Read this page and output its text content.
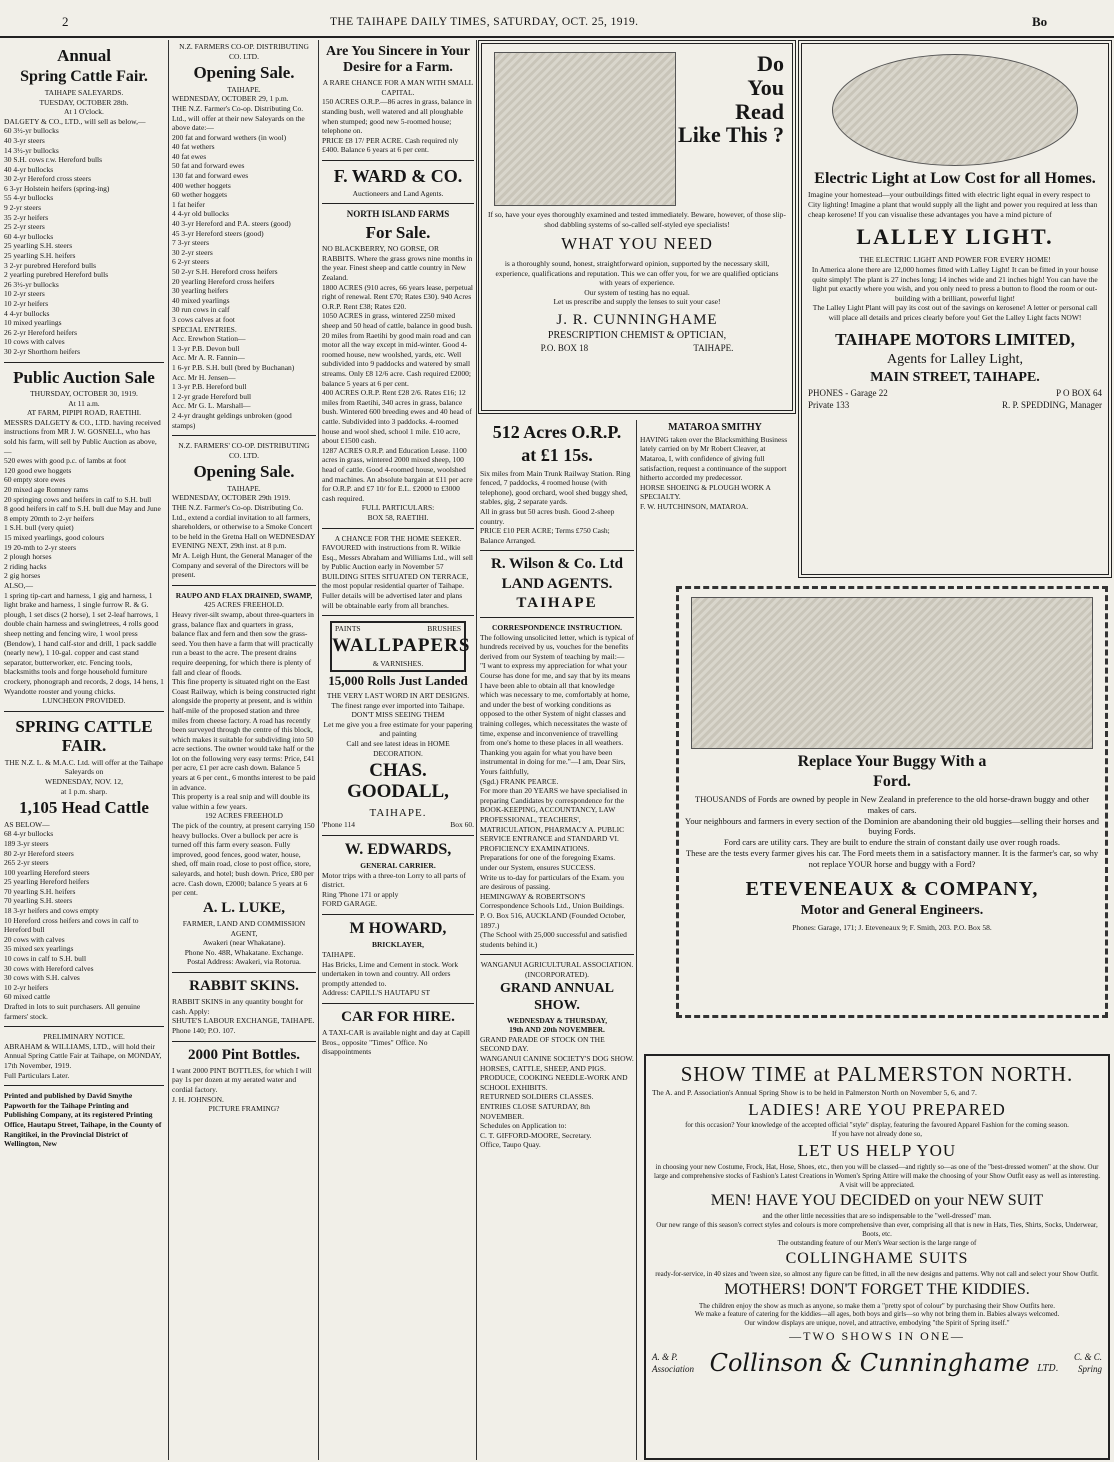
2	THE TAIHAPE DAILY TIMES, SATURDAY, OCT. 25, 1919.	Bo
Annual
Spring Cattle Fair.

TAIHAPE SALEYARDS.
TUESDAY, OCTOBER 28th.
At 1 O'clock.

DALGETY & CO., LTD., will sell as below,—
60 3½-yr bullocks
40 3-yr steers
14 3½-yr bullocks
30 S.H. cows r.w. Hereford bulls
40 4-yr bullocks
30 2-yr Hereford cross steers
6 3-yr Holstein heifers (spring-ing)
55 4-yr bullocks
9 2-yr steers
35 2-yr heifers
25 2-yr steers
60 4-yr bullocks
25 yearling S.H. steers
25 yearling S.H. heifers
3 2-yr purebred Hereford bulls
2 yearling purebred Hereford bulls
26 3½-yr bullocks
10 2-yr steers
10 2-yr heifers
4 4-yr bullocks
10 mixed yearlings
26 2-yr Hereford heifers
10 cows with calves
30 2-yr Shorthorn heifers

Public Auction Sale

THURSDAY, OCTOBER 30, 1919.
At 11 a.m.
AT FARM, PIPIPI ROAD, RAETIHI.

MESSRS DALGETY & CO., LTD. having received instructions from MR J. W. GOSNELL, who has sold his farm, will sell by Public Auction as above,—
520 ewes with good p.c. of lambs at foot
120 good ewe hoggets
60 empty store ewes
20 mixed age Romney rams
20 springing cows and heifers in calf to S.H. bull
8 good heifers in calf to S.H. bull due May and June
8 empty 20mth to 2-yr heifers
1 S.H. bull (very quiet)
15 mixed yearlings, good colours
19 20-mth to 2-yr steers
2 plough horses
2 riding hacks
2 gig horses
ALSO,—
1 spring tip-cart and harness, 1 gig and harness, 1 light brake and harness, 1 single furrow R. & G. plough, 1 set discs (2 horse), 1 set 2-leaf harrows, 1 double chain harness and swingletrees, 4 rolls good sheep netting and fencing wire, 1 wool press (Bendow), 1 hand calf-stor and drill, 1 pack saddle (nearly new), 1 10-gal. copper and cast stand separator, butterworker, etc. Fencing tools, blacksmiths tools and forge household furniture crockery, phonograph and records, 2 dogs, 14 hens, 1 Wyandotte rooster and young chicks.

LUNCHEON PROVIDED.

SPRING CATTLE FAIR.

THE N.Z. L. & M.A.C. Ltd. will offer at the Taihape Saleyards on
WEDNESDAY, NOV. 12,
at 1 p.m. sharp.

1,105 Head Cattle

AS BELOW—
68 4-yr bullocks
189 3-yr steers
80 2-yr Hereford steers
265 2-yr steers
100 yearling Hereford steers
25 yearling Hereford heifers
70 yearling S.H. heifers
70 yearling S.H. steers
18 3-yr heifers and cows empty
10 Hereford cross heifers and cows in calf to Hereford bull
20 cows with calves
35 mixed sex yearlings
10 cows in calf to S.H. bull
30 cows with Hereford calves
30 cows with S.H. calves
10 2-yr heifers
60 mixed cattle

Drafted in lots to suit purchasers. All genuine farmers' stock.

PRELIMINARY NOTICE.

ABRAHAM & WILLIAMS, LTD., will hold their Annual Spring Cattle Fair at Taihape, on MONDAY, 17th November, 1919.
Full Particulars Later.

Printed and published by David Smythe Papworth for the Taihape Printing and Publishing Company, at its registered Printing Office, Hautapu Street, Taihape, in the County of Rangitikei, in the Provincial District of Wellington, New

N.Z. FARMERS CO-OP. DISTRIBUTING CO. LTD.

Opening Sale.

TAIHAPE.

WEDNESDAY, OCTOBER 29, 1 p.m.
THE N.Z. Farmer's Co-op. Distributing Co. Ltd., will offer at their new Saleyards on the above date:—
200 fat and forward wethers (in wool)
40 fat wethers
40 fat ewes
50 fat and forward ewes
130 fat and forward ewes
400 wether hoggets
60 wether hoggets
1 fat heifer
4 4-yr old bullocks
40 3-yr Hereford and P.A. steers (good)
45 3-yr Hereford steers (good)
7 3-yr steers
30 2-yr steers
6 2-yr steers
50 2-yr S.H. Hereford cross heifers
20 yearling Hereford cross heifers
30 yearling heifers
40 mixed yearlings
30 run cows in calf
3 cows calves at foot
SPECIAL ENTRIES.
Acc. Erewhon Station—
1 3-yr P.B. Devon bull
Acc. Mr A. R. Fannin—
1 6-yr P.B. S.H. bull (bred by Buchanan)
Acc. Mr H. Jensen—
1 3-yr P.B. Hereford bull
1 2-yr grade Hereford bull
Acc. Mr G. L. Marshall—
2 4-yr draught geldings unbroken (good stamps)

N.Z. FARMERS' CO-OP. DISTRIBUTING CO. LTD.

Opening Sale.

TAIHAPE.

WEDNESDAY, OCTOBER 29th 1919.
THE N.Z. Farmer's Co-op. Distributing Co. Ltd., extend a cordial invitation to all farmers, shareholders, or otherwise to a Smoke Concert to be held in the Gretna Hall on WEDNESDAY EVENING NEXT, 29th inst. at 8 p.m.
Mr A. Leigh Hunt, the General Manager of the Company and several of the Directors will be present.

RAUPO AND FLAX DRAINED, SWAMP,

425 ACRES FREEHOLD.

Heavy river-silt swamp, about three-quarters in grass, balance flax and quarters in grass, balance flax and fern and then sow the grass-seed. You then have a farm that will practically run a beast to the acre. The present drains require deepening, for which there is plenty of fall and clear of floods.
This fine property is situated right on the East Coast Railway, which is being constructed right alongside the property at present, and is within half-mile of the proposed station and three miles from cheese factory. A road has recently been surveyed through the centre of this block, which makes it suitable for subdividing into 50 acre sections. The owner would take half or the lot on the following very easy terms: Price, £41 per acre, £1 per acre cash down. Balance 5 years at 6 per cent., 6 months interest to be paid in advance.
This property is a real snip and will double its value within a few years.

192 ACRES FREEHOLD

The pick of the country, at present carrying 150 heavy bullocks. Over a bullock per acre is turned off this farm every season. Fully improved, good fences, good water, house, shed, off main road, close to post office, store, saleyards, and hotel; bush down. Price, £80 per acre. Cash down, £2000; balance 5 years at 6 per cent.

A. L. LUKE,

FARMER, LAND AND COMMISSION AGENT,
Awakeri (near Whakatane).
Phone No. 48R, Whakatane. Exchange.
Postal Address: Awakeri, via Rotorua.

RABBIT SKINS.

RABBIT SKINS in any quantity bought for cash. Apply:
SHUTE'S LABOUR EXCHANGE, TAIHAPE.
Phone 140; P.O. 107.

2000 Pint Bottles.

I want 2000 PINT BOTTLES, for which I will pay 1s per dozen at my aerated water and cordial factory.
J. H. JOHNSON.

PICTURE FRAMING?

Are You Sincere in Your Desire for a Farm.

A RARE CHANCE FOR A MAN WITH SMALL CAPITAL.

150 ACRES O.R.P.—86 acres in grass, balance in standing bush, well watered and all ploughable when stumped; good new 5-roomed house; telephone on.
PRICE £8 17/ PER ACRE. Cash required nly £400. Balance 6 years at 6 per cent.

F. WARD & CO.

Auctioneers and Land Agents.

NORTH ISLAND FARMS

For Sale.

NO BLACKBERRY, NO GORSE, OR RABBITS. Where the grass grows nine months in the year. Finest sheep and cattle country in New Zealand.
1800 ACRES (910 acres, 66 years lease, perpetual right of renewal. Rent £70; Rates £30). 940 Acres O.R.P. Rent £38; Rates £20.
1050 ACRES in grass, wintered 2250 mixed sheep and 50 head of cattle, balance in good bush. 20 miles from Raetihi by good main road and can motor all the way except in mid-winter. Good 4-roomed house, new woolshed, yards, etc. Well subdivided into 9 paddocks and watered by small streams. Only £8 12/6 acre. Cash required £2000; balance 5 years at 6 per cent.
400 ACRES O.R.P. Rent £28 2/6. Rates £16; 12 miles from Raetihi, 340 acres in grass, balance bush. Wintered 600 breeding ewes and 40 head of cattle. Subdivided into 3 paddocks. 4-roomed house and wool shed, school 1 mile. £10 acre, about £1500 cash.
1287 ACRES O.R.P. and Education Lease. 1100 acres in grass, wintered 2000 mixed sheep, 100 head of cattle. Good 4-roomed house, woolshed and machines. An absolute bargain at £11 per acre for O.R.P. and £7 10/ for E.L. £2000 to £3000 cash required.

FULL PARTICULARS:
BOX 58, RAETIHI.

A CHANCE FOR THE HOME SEEKER.

FAVOURED with instructions from R. Wilkie Esq., Messrs Abraham and Williams Ltd., will sell by Public Auction early in November 57 BUILDING SITES SITUATED ON TERRACE, the most popular residential quarter of Taihape. Fuller details will be advertised later and plans will be obtainable early from all branches.

PAINTS	BRUSHES
WALLPAPERS
& VARNISHES.
15,000 Rolls Just Landed

THE VERY LAST WORD IN ART DESIGNS.
The finest range ever imported into Taihape.

DON'T MISS SEEING THEM

Let me give you a free estimate for your papering and painting
Call and see latest ideas in HOME DECORATION.

CHAS. GOODALL,

TAIHAPE.

'Phone 114	Box 60.
W. EDWARDS,

GENERAL CARRIER.

Motor trips with a three-ton Lorry to all parts of district.
Ring 'Phone 171 or apply
FORD GARAGE.

M HOWARD,

BRICKLAYER,

TAIHAPE.
Has Bricks, Lime and Cement in stock. Work undertaken in town and country. All orders promptly attended to.
Address: CAPILL'S HAUTAPU ST

CAR FOR HIRE.

A TAXI-CAR is available night and day at Capill Bros., opposite "Times" Office. No disappointments

Do
You
Read
Like This ?

If so, have your eyes thoroughly examined and tested immediately. Beware, however, of those slip-shod dabbling systems of so-called self-styled eye specialists!

WHAT YOU NEED

is a thoroughly sound, honest, straightforward opinion, supported by the necessary skill, experience, qualifications and reputation. This we can offer you, for we are qualified opticians with years of experience.
Our system of testing has no equal.
Let us prescribe and supply the lenses to suit your case!

J. R. CUNNINGHAME

PRESCRIPTION CHEMIST & OPTICIAN,

P.O. BOX 18	TAIHAPE.
512 Acres O.R.P.
at £1 15s.

Six miles from Main Trunk Railway Station. Ring fenced, 7 paddocks, 4 roomed house (with telephone), good orchard, wool shed buggy shed, stables, gig, 2 separate yards.
All in grass but 50 acres bush. Good 2-sheep country.
PRICE £10 PER ACRE; Terms £750 Cash; Balance Arranged.

R. Wilson & Co. Ltd
LAND AGENTS.
TAIHAPE

CORRESPONDENCE INSTRUCTION.

The following unsolicited letter, which is typical of hundreds received by us, vouches for the benefits derived from our System of teaching by mail:—
"I want to express my appreciation for what your Course has done for me, and say that by its means I have been able to obtain all that knowledge which was necessary to me, comfortably at home, and under the best of working conditions as opposed to the other System of night classes and training colleges, which necessitates the waste of time, expense and inconvenience of travelling from one's home to these places in all weathers.
Thanking you again for what you have been instrumental in doing for me."—I am, Dear Sirs,
Yours faithfully,
(Sgd.) FRANK PEARCE.
For more than 20 YEARS we have specialised in preparing Candidates by correspondence for the BOOK-KEEPING, ACCOUNTANCY, LAW PROFESSIONAL, TEACHERS', MATRICULATION, PHARMACY A. PUBLIC SERVICE ENTRANCE and STANDARD VI. PROFICIENCY EXAMINATIONS.
Preparations for one of the foregoing Exams. under our System, ensures SUCCESS.
Write us to-day for particulars of the Exam. you are desirous of passing.
HEMINGWAY & ROBERTSON'S Correspondence Schools Ltd., Union Buildings.
P. O. Box 516, AUCKLAND (Founded October, 1897.)
(The School with 25,000 successful and satisfied students behind it.)

WANGANUI AGRICULTURAL ASSOCIATION. (INCORPORATED).

GRAND ANNUAL SHOW.

WEDNESDAY & THURSDAY,
19th AND 20th NOVEMBER.

GRAND PARADE OF STOCK ON THE SECOND DAY.
WANGANUI CANINE SOCIETY'S DOG SHOW.
HORSES, CATTLE, SHEEP, AND PIGS.
PRODUCE, COOKING NEEDLE-WORK AND SCHOOL EXHIBITS.
RETURNED SOLDIERS CLASSES.
ENTRIES CLOSE SATURDAY, 8th NOVEMBER.
Schedules on Application to:
C. T. GIFFORD-MOORE, Secretary.
Office, Taupo Quay.

MATAROA SMITHY

HAVING taken over the Blacksmithing Business lately carried on by Mr Robert Cleaver, at Mataroa, I, with confidence of giving full satisfaction, request a continuance of the support hitherto accorded my predecessor.
HORSE SHOEING & PLOUGH WORK A SPECIALTY.
F. W. HUTCHINSON, MATAROA.

Electric Light at Low Cost for all Homes.

Imagine your homestead—your outbuildings fitted with electric light equal in every respect to City lighting! Imagine a plant that would supply all the light and power you required at less than cheap kerosene! If you can visualise these advantages you have a mind picture of

LALLEY LIGHT.

THE ELECTRIC LIGHT AND POWER FOR EVERY HOME!
In America alone there are 12,000 homes fitted with Lalley Light! It can be fitted in your house quite simply! The plant is 27 inches long; 14 inches wide and 21 inches high! You can have the light put exactly where you wish, and you only need to press a button to flood the room or out-building with a brilliant, powerful light!
The Lalley Light Plant will pay its cost out of the savings on kerosene! A letter or personal call will place all details and prices clearly before you! Get the Lalley Light facts NOW!

TAIHAPE MOTORS LIMITED,
Agents for Lalley Light,
MAIN STREET, TAIHAPE.
PHONES - Garage 22	P O BOX 64
Private 133	R. P. SPEDDING, Manager
Replace Your Buggy With a
Ford.

THOUSANDS of Fords are owned by people in New Zealand in preference to the old horse-drawn buggy and other makes of cars.
Your neighbours and farmers in every section of the Dominion are abandoning their old buggies—selling their horses and buying Fords.
Ford cars are utility cars. They are built to endure the strain of constant daily use over rough roads.
These are the tests every farmer gives his car. The Ford meets them in a satisfactory manner. It is the farmer's car, so why not replace YOUR horse and buggy with a Ford?

ETEVENEAUX & COMPANY,
Motor and General Engineers.

Phones: Garage, 171; J. Eteveneaux 9; F. Smith, 203. P.O. Box 58.

SHOW TIME at PALMERSTON NORTH.

The A. and P. Association's Annual Spring Show is to be held in Palmerston North on November 5, 6, and 7.

LADIES! ARE YOU PREPARED

for this occasion? Your knowledge of the accepted official "style" display, featuring the favoured Apparel Fashion for the coming season.
If you have not already done so,

LET US HELP YOU

in choosing your new Costume, Frock, Hat, Hose, Shoes, etc., then you will be classed—and rightly so—as one of the "best-dressed women" at the show. Our large and comprehensive stocks of Fashion's Latest Creations in Women's Spring Attire will make the choosing of your Show Outfit easy as well as interesting. A visit will be appreciated.

MEN! HAVE YOU DECIDED on your NEW SUIT

and the other little necessities that are so indispensable to the "well-dressed" man.
Our new range of this season's correct styles and colours is more comprehensive than ever, comprising all that is new in Hats, Ties, Shirts, Socks, Underwear, Boots, etc.
The outstanding feature of our Men's Wear section is the large range of

COLLINGHAME SUITS

ready-for-service, in 40 sizes and 'tween size, so almost any figure can be fitted, in all the new designs and patterns. Why not call and select your Show Outfit.

MOTHERS! DON'T FORGET THE KIDDIES.

The children enjoy the show as much as anyone, so make them a "pretty spot of colour" by purchasing their Show Outfits here.
We make a feature of catering for the kiddies—all ages, both boys and girls—so why not bring them in. Babies always welcomed.
Our window displays are unique, novel, and attractive, embodying "the Spirit of Spring itself."

—TWO SHOWS IN ONE—
A. & P.
Association Collinson & Cunninghame LTD.
C. & C.
Spring
